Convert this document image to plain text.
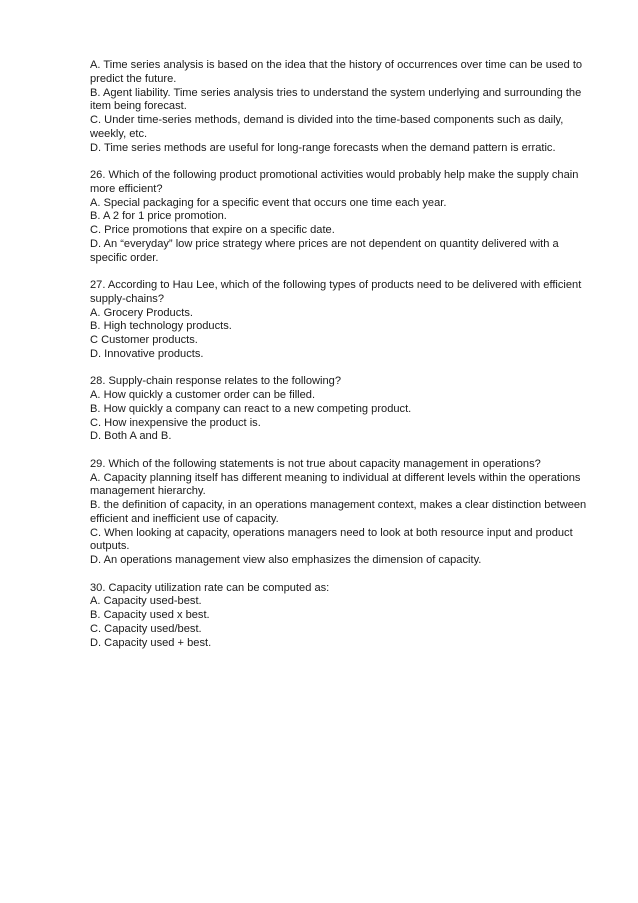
A. Time series analysis is based on the idea that the history of occurrences over time can be used to predict the future.
B. Agent liability. Time series analysis tries to understand the system underlying and surrounding the item being forecast.
C. Under time-series methods, demand is divided into the time-based components such as daily, weekly, etc.
D. Time series methods are useful for long-range forecasts when the demand pattern is erratic.
26. Which of the following product promotional activities would probably help make the supply chain more efficient?
A. Special packaging for a specific event that occurs one time each year.
B. A 2 for 1 price promotion.
C. Price promotions that expire on a specific date.
D. An “everyday” low price strategy where prices are not dependent on quantity delivered with a specific order.
27. According to Hau Lee, which of the following types of products need to be delivered with efficient supply-chains?
A. Grocery Products.
B. High technology products.
C Customer products.
D. Innovative products.
28. Supply-chain response relates to the following?
A. How quickly a customer order can be filled.
B. How quickly a company can react to a new competing product.
C. How inexpensive the product is.
D. Both A and B.
29. Which of the following statements is not true about capacity management in operations?
A. Capacity planning itself has different meaning to individual at different levels within the operations management hierarchy.
B. the definition of capacity, in an operations management context, makes a clear distinction between efficient and inefficient use of capacity.
C. When looking at capacity, operations managers need to look at both resource input and product outputs.
D. An operations management view also emphasizes the dimension of capacity.
30. Capacity utilization rate can be computed as:
A. Capacity used-best.
B. Capacity used x best.
C. Capacity used/best.
D. Capacity used + best.
